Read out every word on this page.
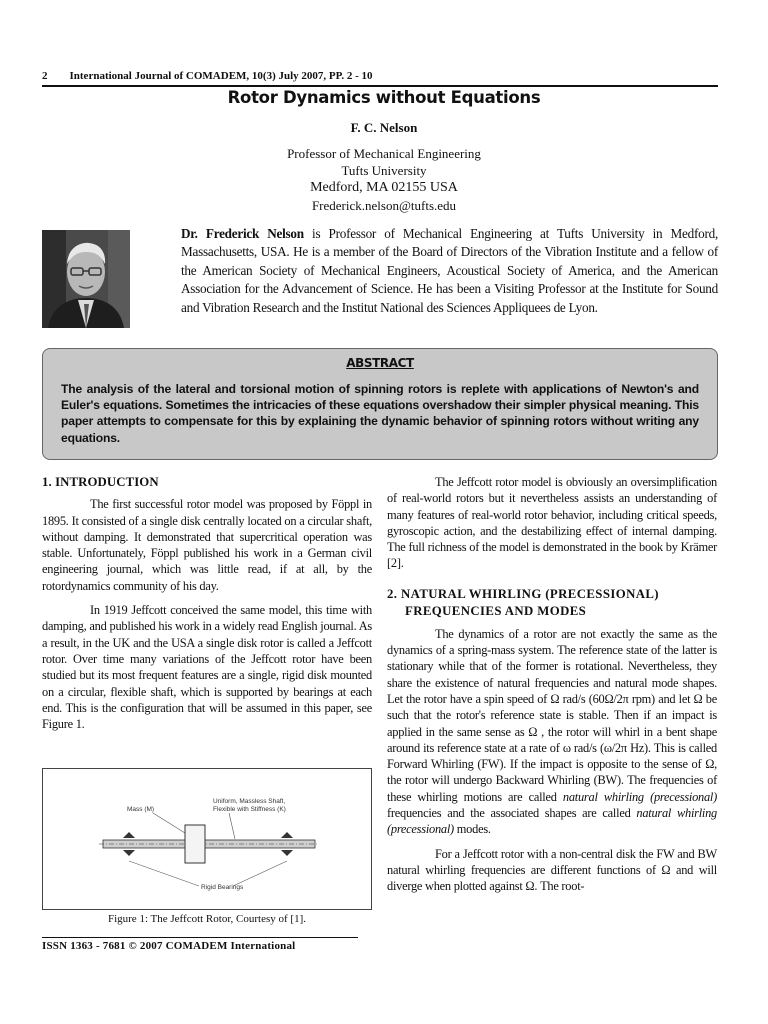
2 International Journal of COMADEM, 10(3) July 2007, PP. 2 - 10
Rotor Dynamics without Equations
F. C. Nelson
Professor of Mechanical Engineering
Tufts University
Medford, MA 02155 USA
Frederick.nelson@tufts.edu
Dr. Frederick Nelson is Professor of Mechanical Engineering at Tufts University in Medford, Massachusetts, USA. He is a member of the Board of Directors of the Vibration Institute and a fellow of the American Society of Mechanical Engineers, Acoustical Society of America, and the American Association for the Advancement of Science. He has been a Visiting Professor at the Institute for Sound and Vibration Research and the Institut National des Sciences Appliquees de Lyon.
ABSTRACT
The analysis of the lateral and torsional motion of spinning rotors is replete with applications of Newton's and Euler's equations. Sometimes the intricacies of these equations overshadow their simpler physical meaning. This paper attempts to compensate for this by explaining the dynamic behavior of spinning rotors without writing any equations.
1. INTRODUCTION

The first successful rotor model was proposed by Föppl in 1895. It consisted of a single disk centrally located on a circular shaft, without damping. It demonstrated that supercritical operation was stable. Unfortunately, Föppl published his work in a German civil engineering journal, which was little read, if at all, by the rotordynamics community of his day.

In 1919 Jeffcott conceived the same model, this time with damping, and published his work in a widely read English journal. As a result, in the UK and the USA a single disk rotor is called a Jeffcott rotor. Over time many variations of the Jeffcott rotor have been studied but its most frequent features are a single, rigid disk mounted on a circular, flexible shaft, which is supported by bearings at each end. This is the configuration that will be assumed in this paper, see Figure 1.

Mass (M)
Uniform, Massless Shaft,
Flexible with Stiffness (K)
Rigid Bearings
Figure 1: The Jeffcott Rotor, Courtesy of [1].

The Jeffcott rotor model is obviously an oversimplification of real-world rotors but it nevertheless assists an understanding of many features of real-world rotor behavior, including critical speeds, gyroscopic action, and the destabilizing effect of internal damping. The full richness of the model is demonstrated in the book by Krämer [2].

2. NATURAL WHIRLING (PRECESSIONAL)
FREQUENCIES AND MODES

The dynamics of a rotor are not exactly the same as the dynamics of a spring-mass system. The reference state of the latter is stationary while that of the former is rotational. Nevertheless, they share the existence of natural frequencies and natural mode shapes. Let the rotor have a spin speed of Ω rad/s (60Ω/2π rpm) and let Ω be such that the rotor's reference state is stable. Then if an impact is applied in the same sense as Ω , the rotor will whirl in a bent shape around its reference state at a rate of ω rad/s (ω/2π Hz). This is called Forward Whirling (FW). If the impact is opposite to the sense of Ω, the rotor will undergo Backward Whirling (BW). The frequencies of these whirling motions are called natural whirling (precessional) frequencies and the associated shapes are called natural whirling (precessional) modes.

For a Jeffcott rotor with a non-central disk the FW and BW natural whirling frequencies are different functions of Ω and will diverge when plotted against Ω. The root-

ISSN 1363 - 7681 © 2007 COMADEM International
